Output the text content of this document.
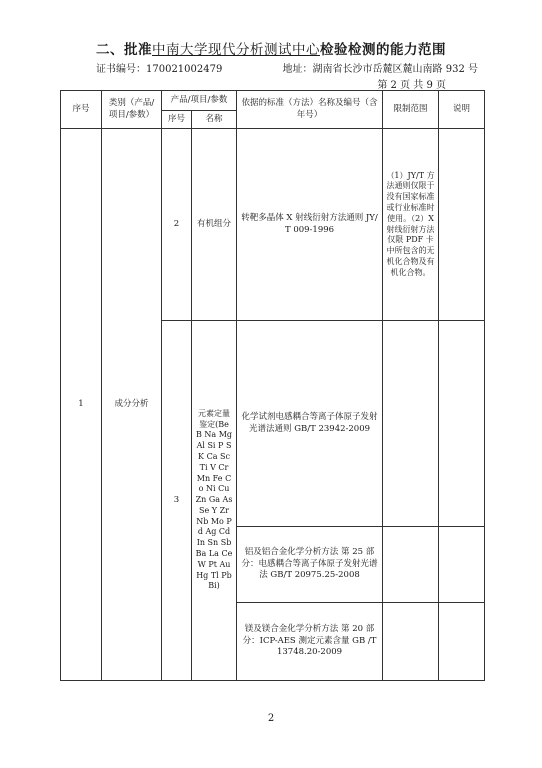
二、批准中南大学现代分析测试中心检验检测的能力范围
证书编号：170021002479	地址：湖南省长沙市岳麓区麓山南路 932 号
第 2 页 共 9 页
序号	类别（产品/项目/参数）	产品/项目/参数		依据的标准（方法）名称及编号（含年号）	限制范围	说明
		序号	名称			
1	成分分析	2	有机组分	转靶多晶体 X 射线衍射方法通则 JY/T 009-1996	（1）JY/T 方法通则仅限于没有国家标准或行业标准时使用。（2）X 射线衍射方法仅限 PDF 卡中所包含的无机化合物及有机化合物。	
		3	元素定量鉴定(Be B Na Mg Al Si P S K Ca Sc Ti V Cr Mn Fe Co Ni Cu Zn Ga As Se Y Zr Nb Mo Pd Ag Cd In Sn Sb Ba La Ce W Pt Au Hg Tl Pb Bi)	化学试剂电感耦合等离子体原子发射光谱法通则 GB/T 23942-2009		
				铝及铝合金化学分析方法 第 25 部分：电感耦合等离子体原子发射光谱法 GB/T 20975.25-2008		
				镁及镁合金化学分析方法 第 20 部分：ICP-AES 测定元素含量 GB /T13748.20-2009		
2
